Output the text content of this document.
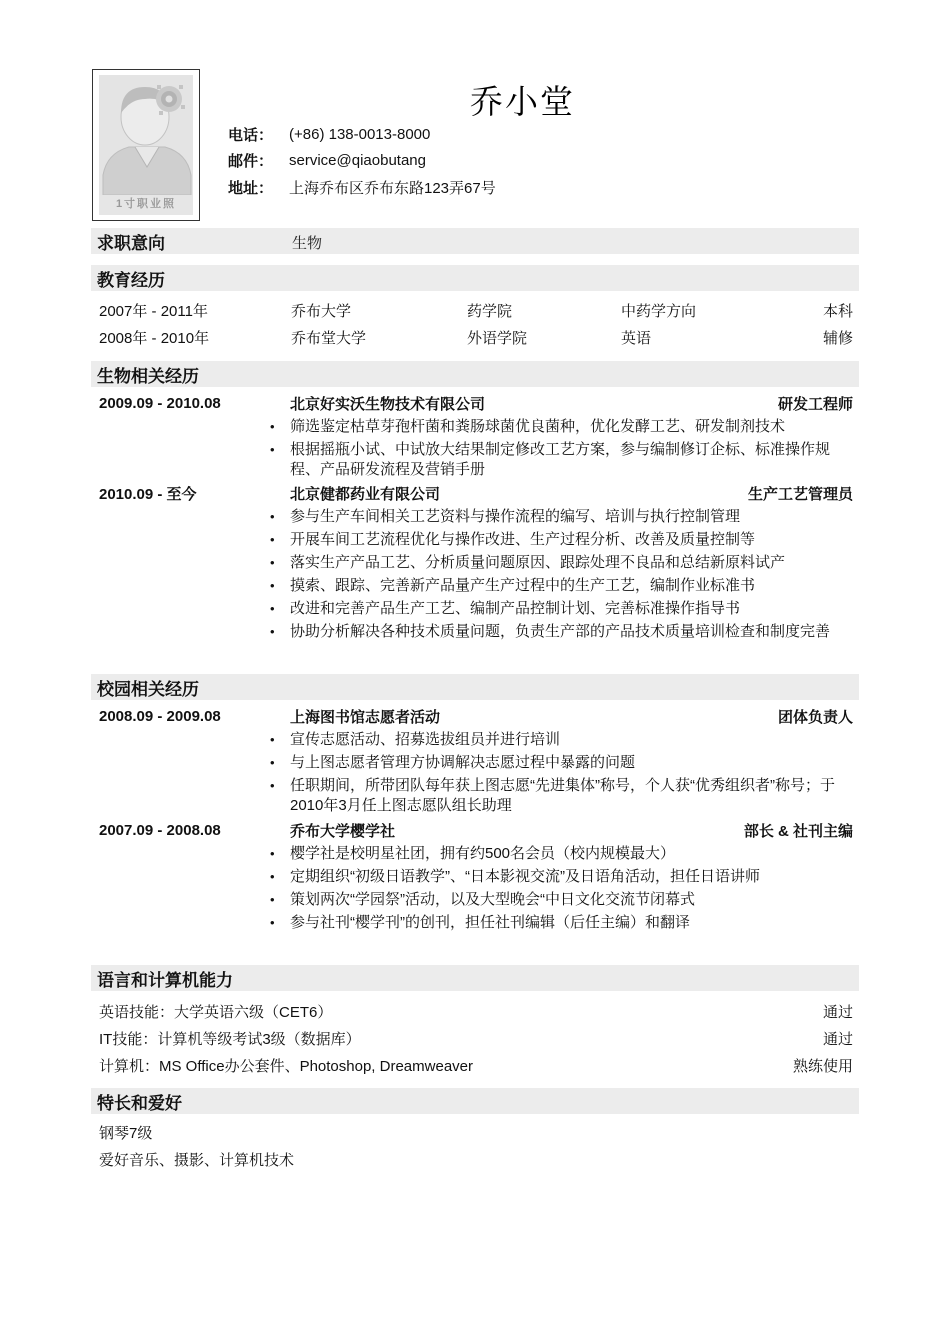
1寸职业照
乔小堂
电话：	(+86) 138-0013-8000
邮件：	service@qiaobutang
地址：	上海乔布区乔布东路123弄67号
求职意向	生物
教育经历
2007年 - 2011年	乔布大学	药学院	中药学方向	本科
2008年 - 2010年	乔布堂大学	外语学院	英语	辅修
生物相关经历
2009.09 - 2010.08	北京好实沃生物技术有限公司	研发工程师
• 筛选鉴定枯草芽孢杆菌和粪肠球菌优良菌种，优化发酵工艺、研发制剂技术
• 根据摇瓶小试、中试放大结果制定修改工艺方案，参与编制修订企标、标准操作规程、产品研发流程及营销手册
2010.09 - 至今	北京健都药业有限公司	生产工艺管理员
• 参与生产车间相关工艺资料与操作流程的编写、培训与执行控制管理
• 开展车间工艺流程优化与操作改进、生产过程分析、改善及质量控制等
• 落实生产产品工艺、分析质量问题原因、跟踪处理不良品和总结新原料试产
• 摸索、跟踪、完善新产品量产生产过程中的生产工艺，编制作业标准书
• 改进和完善产品生产工艺、编制产品控制计划、完善标准操作指导书
• 协助分析解决各种技术质量问题，负责生产部的产品技术质量培训检查和制度完善
校园相关经历
2008.09 - 2009.08	上海图书馆志愿者活动	团体负责人
• 宣传志愿活动、招募选拔组员并进行培训
• 与上图志愿者管理方协调解决志愿过程中暴露的问题
• 任职期间，所带团队每年获上图志愿“先进集体”称号，个人获“优秀组织者”称号；于2010年3月任上图志愿队组长助理
2007.09 - 2008.08	乔布大学樱学社	部长 & 社刊主编
• 樱学社是校明星社团，拥有约500名会员（校内规模最大）
• 定期组织“初级日语教学”、“日本影视交流”及日语角活动，担任日语讲师
• 策划两次“学园祭”活动，以及大型晚会“中日文化交流节闭幕式
• 参与社刊“樱学刊”的创刊，担任社刊编辑（后任主编）和翻译
语言和计算机能力
英语技能：大学英语六级（CET6）	通过
IT技能：计算机等级考试3级（数据库）	通过
计算机：MS Office办公套件、Photoshop, Dreamweaver	熟练使用
特长和爱好
钢琴7级
爱好音乐、摄影、计算机技术
